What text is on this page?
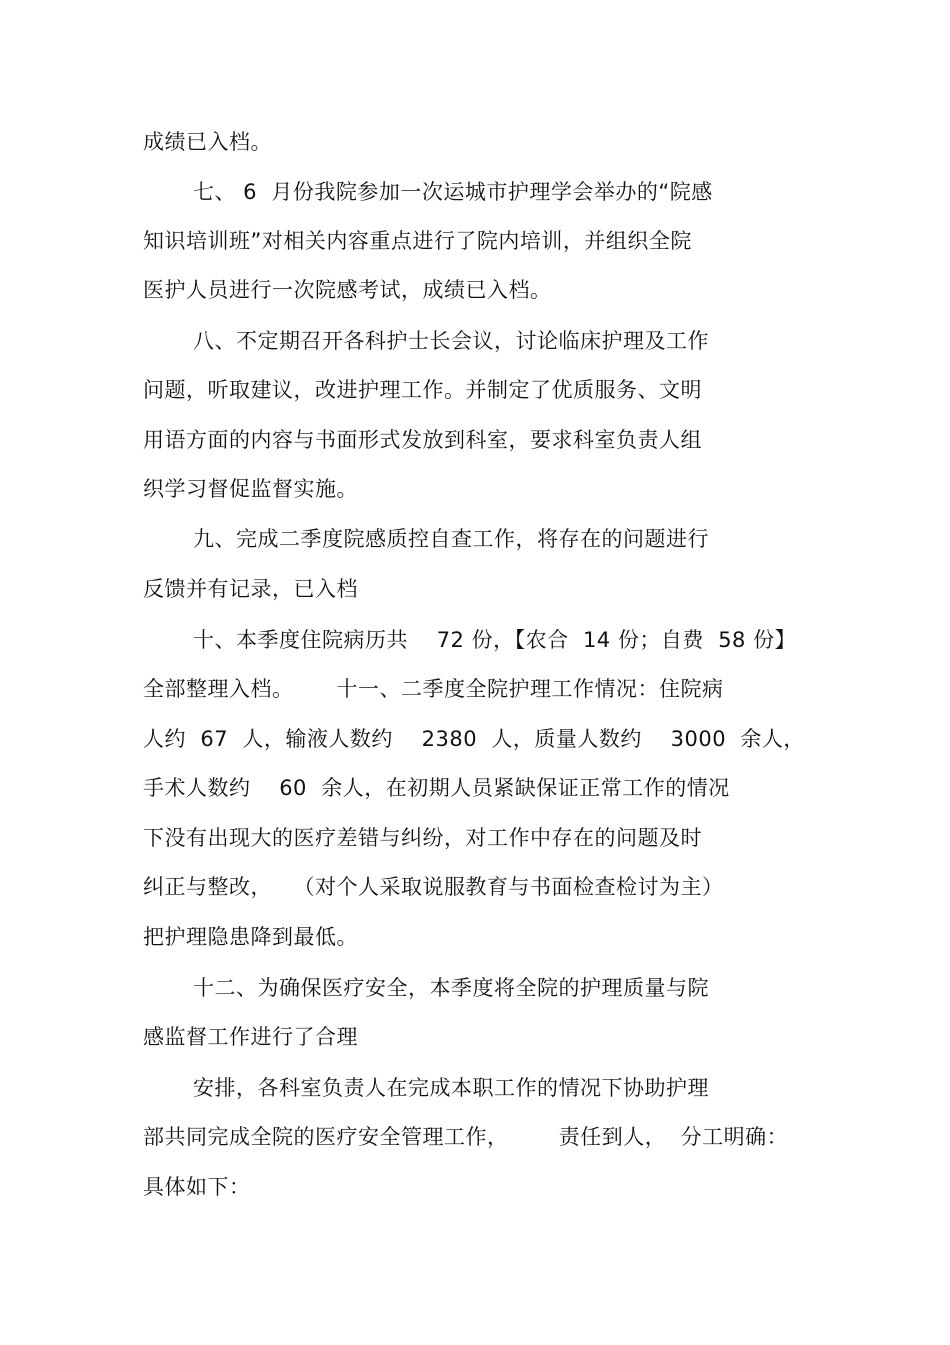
成绩已入档。
七、 6  月份我院参加一次运城市护理学会举办的“院感
知识培训班”对相关内容重点进行了院内培训，并组织全院
医护人员进行一次院感考试，成绩已入档。
八、不定期召开各科护士长会议，讨论临床护理及工作
问题，听取建议，改进护理工作。并制定了优质服务、文明
用语方面的内容与书面形式发放到科室，要求科室负责人组
织学习督促监督实施。
九、完成二季度院感质控自查工作，将存在的问题进行
反馈并有记录，已入档
十、本季度住院病历共    72 份，【农合  14 份；自费  58 份】
全部整理入档。      十一、二季度全院护理工作情况：住院病
人约  67  人，输液人数约    2380  人，质量人数约    3000  余人，
手术人数约    60  余人，在初期人员紧缺保证正常工作的情况
下没有出现大的医疗差错与纠纷，对工作中存在的问题及时
纠正与整改，   （对个人采取说服教育与书面检查检讨为主）
把护理隐患降到最低。
十二、为确保医疗安全，本季度将全院的护理质量与院
感监督工作进行了合理
安排，各科室负责人在完成本职工作的情况下协助护理
部共同完成全院的医疗安全管理工作，       责任到人，  分工明确：
具体如下：
